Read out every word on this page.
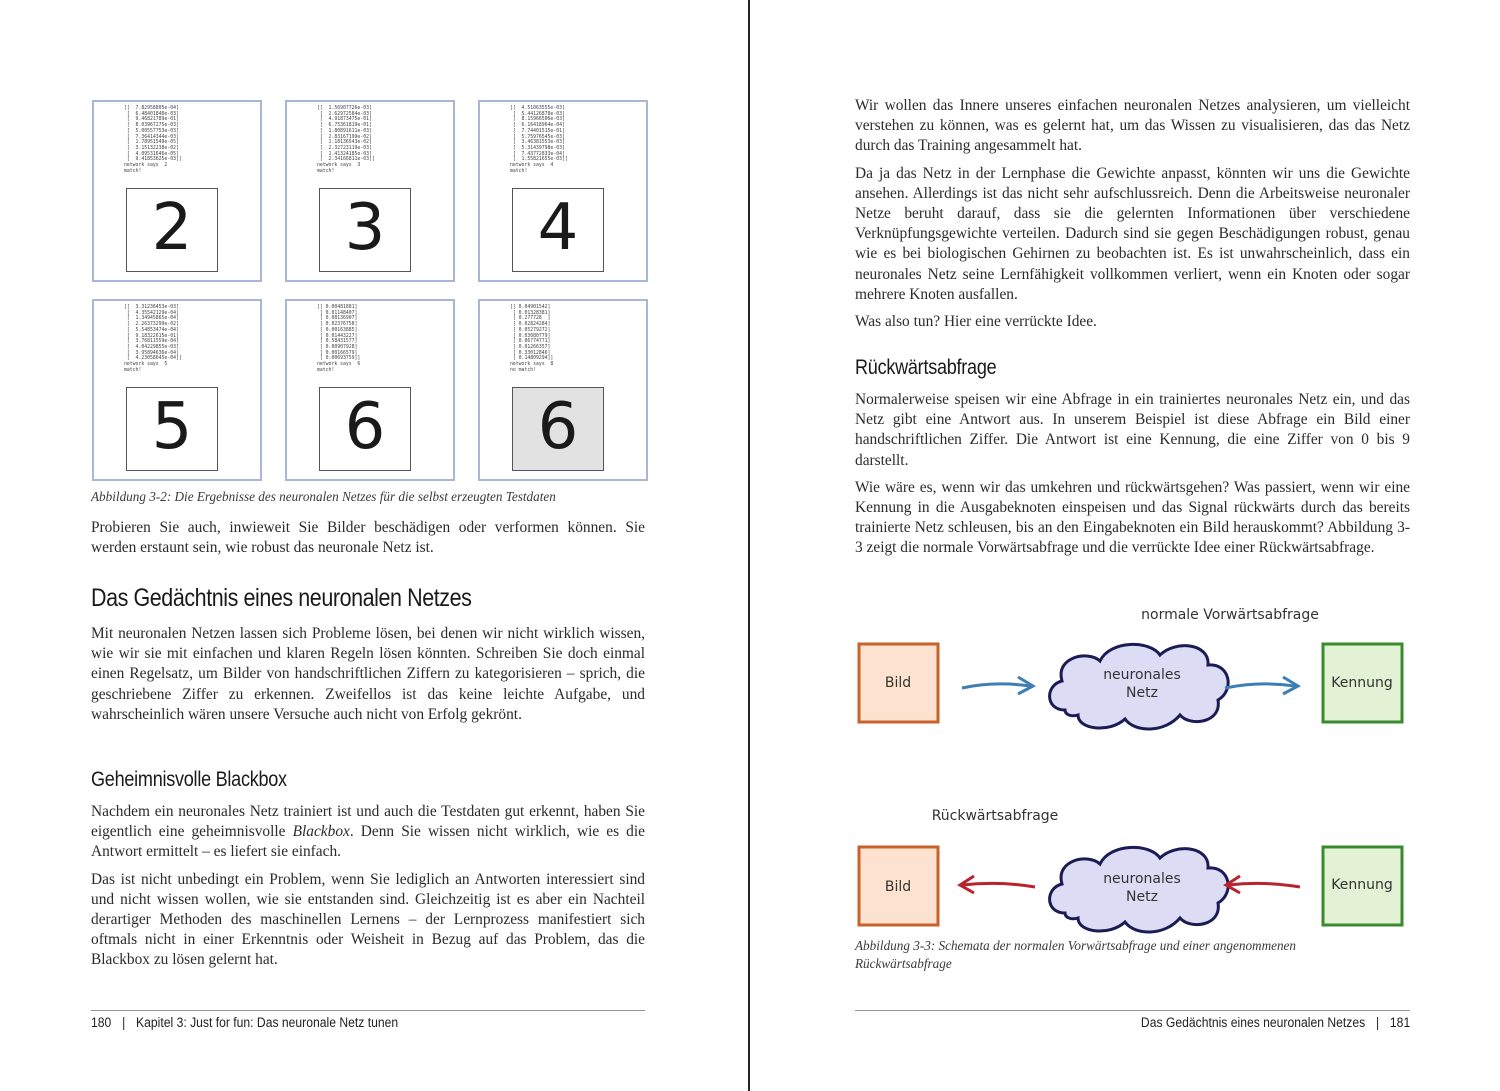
[[  7.82958805e-04]
[  6.48401840e-03]
[  9.46821789e-01]
[  8.03967275e-03]
[  5.00557753e-03]
[  7.36414344e-03]
[  1.78951549e-05]
[  3.15132238e-02]
[  4.09531646e-05]
[  9.41853625e-03]]
network says  2
match!
2
[[  1.56907726e-03]
[  2.62972584e-03]
[  4.91873475e-01]
[  6.75361819e-01]
[  1.80891611e-03]
[  2.83167199e-02]
[  1.18136543e-02]
[  2.32723119e-03]
[  1.41324185e-03]
[  2.34166811e-03]]
network says  3
match!
3
[[  4.51063555e-03]
[  5.44126878e-03]
[  8.15966506e-03]
[  6.16418964e-04]
[  7.74401515e-01]
[  5.75976545e-03]
[  3.46381553e-03]
[  5.31439798e-03]
[  7.43772833e-04]
[  1.55821655e-03]]
network says  4
match!
4
[[  3.31236453e-03]
[  4.35542129e-04]
[  1.34945865e-04]
[  2.26373299e-02]
[  5.54853474e-04]
[  9.18322615e-01]
[  3.76811559e-04]
[  4.04229855e-03]
[  3.95894636e-04]
[  4.23058645e-04]]
network says  5
match!
5
[[ 0.00481881]
[ 0.01148407]
[ 0.08136907]
[ 0.02376758]
[ 0.00163885]
[ 0.01443227]
[ 0.58431577]
[ 0.00907928]
[ 0.00166579]
[ 0.00693759]]
network says  6
match!
6
[[ 0.04901542]
[ 0.01328381]
[ 0.277728  ]
[ 0.02824284]
[ 0.05279272]
[ 0.03080779]
[ 0.06774771]
[ 0.01266357]
[ 0.33012846]
[ 0.14809294]]
network says  8
no match!
6
Abbildung 3-2: Die Ergebnisse des neuronalen Netzes für die selbst erzeugten Testdaten

Probieren Sie auch, inwieweit Sie Bilder beschädigen oder verformen können. Sie werden erstaunt sein, wie robust das neuronale Netz ist.

Das Gedächtnis eines neuronalen Netzes

Mit neuronalen Netzen lassen sich Probleme lösen, bei denen wir nicht wirklich wissen, wie wir sie mit einfachen und klaren Regeln lösen könnten. Schreiben Sie doch einmal einen Regelsatz, um Bilder von handschriftlichen Ziffern zu kategorisieren – sprich, die geschriebene Ziffer zu erkennen. Zweifellos ist das keine leichte Aufgabe, und wahrscheinlich wären unsere Versuche auch nicht von Erfolg gekrönt.

Geheimnisvolle Blackbox

Nachdem ein neuronales Netz trainiert ist und auch die Testdaten gut erkennt, haben Sie eigentlich eine geheimnisvolle Blackbox. Denn Sie wissen nicht wirklich, wie es die Antwort ermittelt – es liefert sie einfach.

Das ist nicht unbedingt ein Problem, wenn Sie lediglich an Antworten interessiert sind und nicht wissen wollen, wie sie entstanden sind. Gleichzeitig ist es aber ein Nachteil derartiger Methoden des maschinellen Lernens – der Lernprozess manifestiert sich oftmals nicht in einer Erkenntnis oder Weisheit in Bezug auf das Problem, das die Blackbox zu lösen gelernt hat.

180 | Kapitel 3: Just for fun: Das neuronale Netz tunen

Wir wollen das Innere unseres einfachen neuronalen Netzes analysieren, um vielleicht verstehen zu können, was es gelernt hat, um das Wissen zu visualisieren, das das Netz durch das Training angesammelt hat.

Da ja das Netz in der Lernphase die Gewichte anpasst, könnten wir uns die Gewichte ansehen. Allerdings ist das nicht sehr aufschlussreich. Denn die Arbeitsweise neuronaler Netze beruht darauf, dass sie die gelernten Informationen über verschiedene Verknüpfungsgewichte verteilen. Dadurch sind sie gegen Beschädigungen robust, genau wie es bei biologischen Gehirnen zu beobachten ist. Es ist unwahrscheinlich, dass ein neuronales Netz seine Lernfähigkeit vollkommen verliert, wenn ein Knoten oder sogar mehrere Knoten ausfallen.

Was also tun? Hier eine verrückte Idee.

Rückwärtsabfrage

Normalerweise speisen wir eine Abfrage in ein trainiertes neuronales Netz ein, und das Netz gibt eine Antwort aus. In unserem Beispiel ist diese Abfrage ein Bild einer handschriftlichen Ziffer. Die Antwort ist eine Kennung, die eine Ziffer von 0 bis 9 darstellt.

Wie wäre es, wenn wir das umkehren und rückwärtsgehen? Was passiert, wenn wir eine Kennung in die Ausgabeknoten einspeisen und das Signal rückwärts durch das bereits trainierte Netz schleusen, bis an den Eingabeknoten ein Bild herauskommt? Abbildung 3-3 zeigt die normale Vorwärtsabfrage und die verrückte Idee einer Rückwärtsabfrage.

normale Vorwärtsabfrage
Bild	neuronales
Netz
Kennung
Rückwärtsabfrage
Bild	neuronales
Netz
Kennung
Abbildung 3-3: Schemata der normalen Vorwärtsabfrage und einer angenommenen
Rückwärtsabfrage
Das Gedächtnis eines neuronalen Netzes | 181
